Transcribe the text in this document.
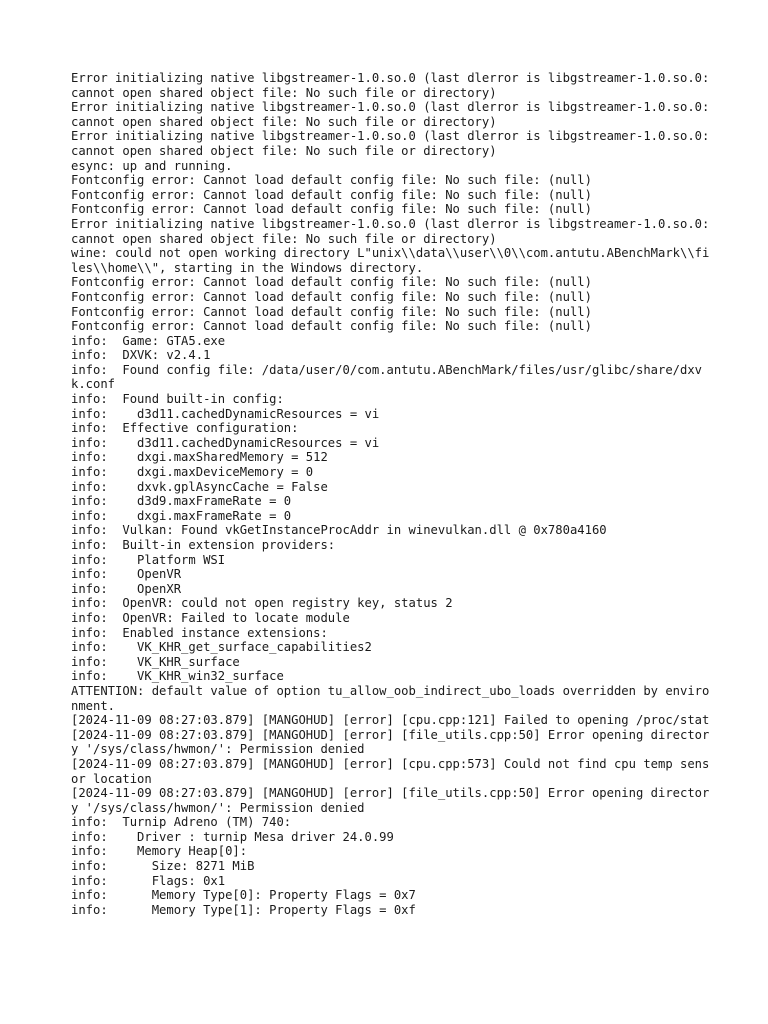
Error initializing native libgstreamer-1.0.so.0 (last dlerror is libgstreamer-1.0.so.0: cannot open shared object file: No such file or directory)
Error initializing native libgstreamer-1.0.so.0 (last dlerror is libgstreamer-1.0.so.0: cannot open shared object file: No such file or directory)
Error initializing native libgstreamer-1.0.so.0 (last dlerror is libgstreamer-1.0.so.0: cannot open shared object file: No such file or directory)
esync: up and running.
Fontconfig error: Cannot load default config file: No such file: (null)
Fontconfig error: Cannot load default config file: No such file: (null)
Fontconfig error: Cannot load default config file: No such file: (null)
Error initializing native libgstreamer-1.0.so.0 (last dlerror is libgstreamer-1.0.so.0: cannot open shared object file: No such file or directory)
wine: could not open working directory L"unix\\data\\user\\0\\com.antutu.ABenchMark\\files\\home\\", starting in the Windows directory.
Fontconfig error: Cannot load default config file: No such file: (null)
Fontconfig error: Cannot load default config file: No such file: (null)
Fontconfig error: Cannot load default config file: No such file: (null)
Fontconfig error: Cannot load default config file: No such file: (null)
info:  Game: GTA5.exe
info:  DXVK: v2.4.1
info:  Found config file: /data/user/0/com.antutu.ABenchMark/files/usr/glibc/share/dxvk.conf
info:  Found built-in config:
info:    d3d11.cachedDynamicResources = vi
info:  Effective configuration:
info:    d3d11.cachedDynamicResources = vi
info:    dxgi.maxSharedMemory = 512
info:    dxgi.maxDeviceMemory = 0
info:    dxvk.gplAsyncCache = False
info:    d3d9.maxFrameRate = 0
info:    dxgi.maxFrameRate = 0
info:  Vulkan: Found vkGetInstanceProcAddr in winevulkan.dll @ 0x780a4160
info:  Built-in extension providers:
info:    Platform WSI
info:    OpenVR
info:    OpenXR
info:  OpenVR: could not open registry key, status 2
info:  OpenVR: Failed to locate module
info:  Enabled instance extensions:
info:    VK_KHR_get_surface_capabilities2
info:    VK_KHR_surface
info:    VK_KHR_win32_surface
ATTENTION: default value of option tu_allow_oob_indirect_ubo_loads overridden by environment.
[2024-11-09 08:27:03.879] [MANGOHUD] [error] [cpu.cpp:121] Failed to opening /proc/stat
[2024-11-09 08:27:03.879] [MANGOHUD] [error] [file_utils.cpp:50] Error opening directory '/sys/class/hwmon/': Permission denied
[2024-11-09 08:27:03.879] [MANGOHUD] [error] [cpu.cpp:573] Could not find cpu temp sensor location
[2024-11-09 08:27:03.879] [MANGOHUD] [error] [file_utils.cpp:50] Error opening directory '/sys/class/hwmon/': Permission denied
info:  Turnip Adreno (TM) 740:
info:    Driver : turnip Mesa driver 24.0.99
info:    Memory Heap[0]:
info:      Size: 8271 MiB
info:      Flags: 0x1
info:      Memory Type[0]: Property Flags = 0x7
info:      Memory Type[1]: Property Flags = 0xf
